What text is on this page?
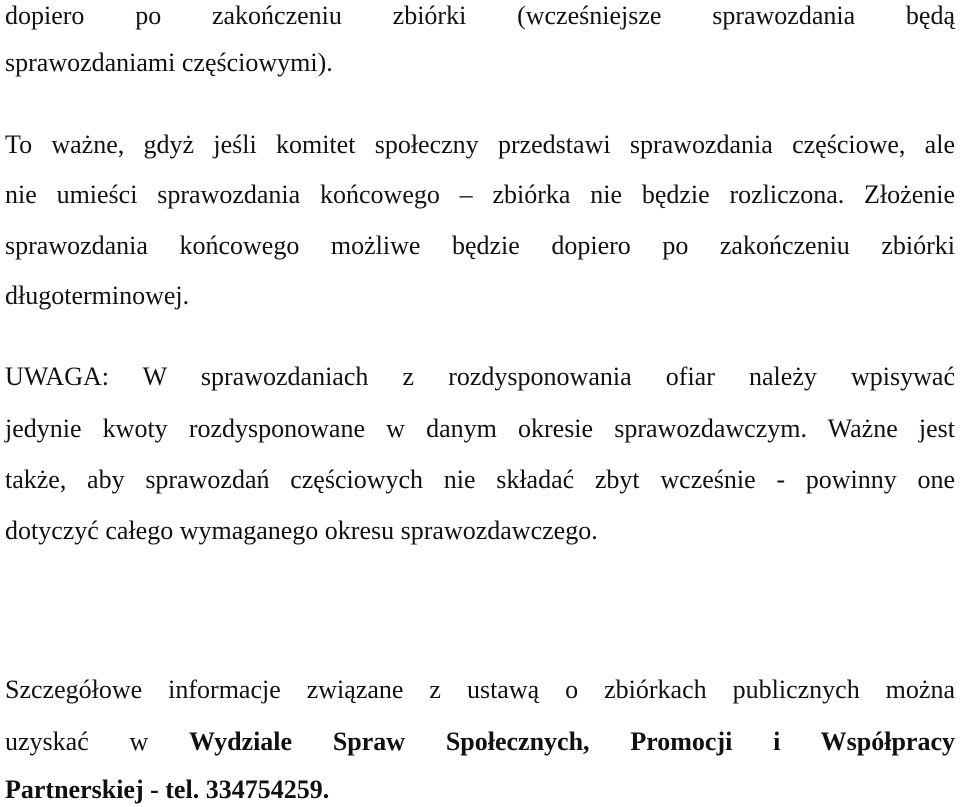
dopiero po zakończeniu zbiórki (wcześniejsze sprawozdania będą
sprawozdaniami częściowymi).
To ważne, gdyż jeśli komitet społeczny przedstawi sprawozdania częściowe, ale
nie umieści sprawozdania końcowego – zbiórka nie będzie rozliczona. Złożenie
sprawozdania końcowego możliwe będzie dopiero po zakończeniu zbiórki
długoterminowej.
UWAGA: W sprawozdaniach z rozdysponowania ofiar należy wpisywać
jedynie kwoty rozdysponowane w danym okresie sprawozdawczym. Ważne jest
także, aby sprawozdań częściowych nie składać zbyt wcześnie - powinny one
dotyczyć całego wymaganego okresu sprawozdawczego.
Szczegółowe informacje związane z ustawą o zbiórkach publicznych można
uzyskać w Wydziale Spraw Społecznych, Promocji i Współpracy
Partnerskiej - tel. 334754259.
